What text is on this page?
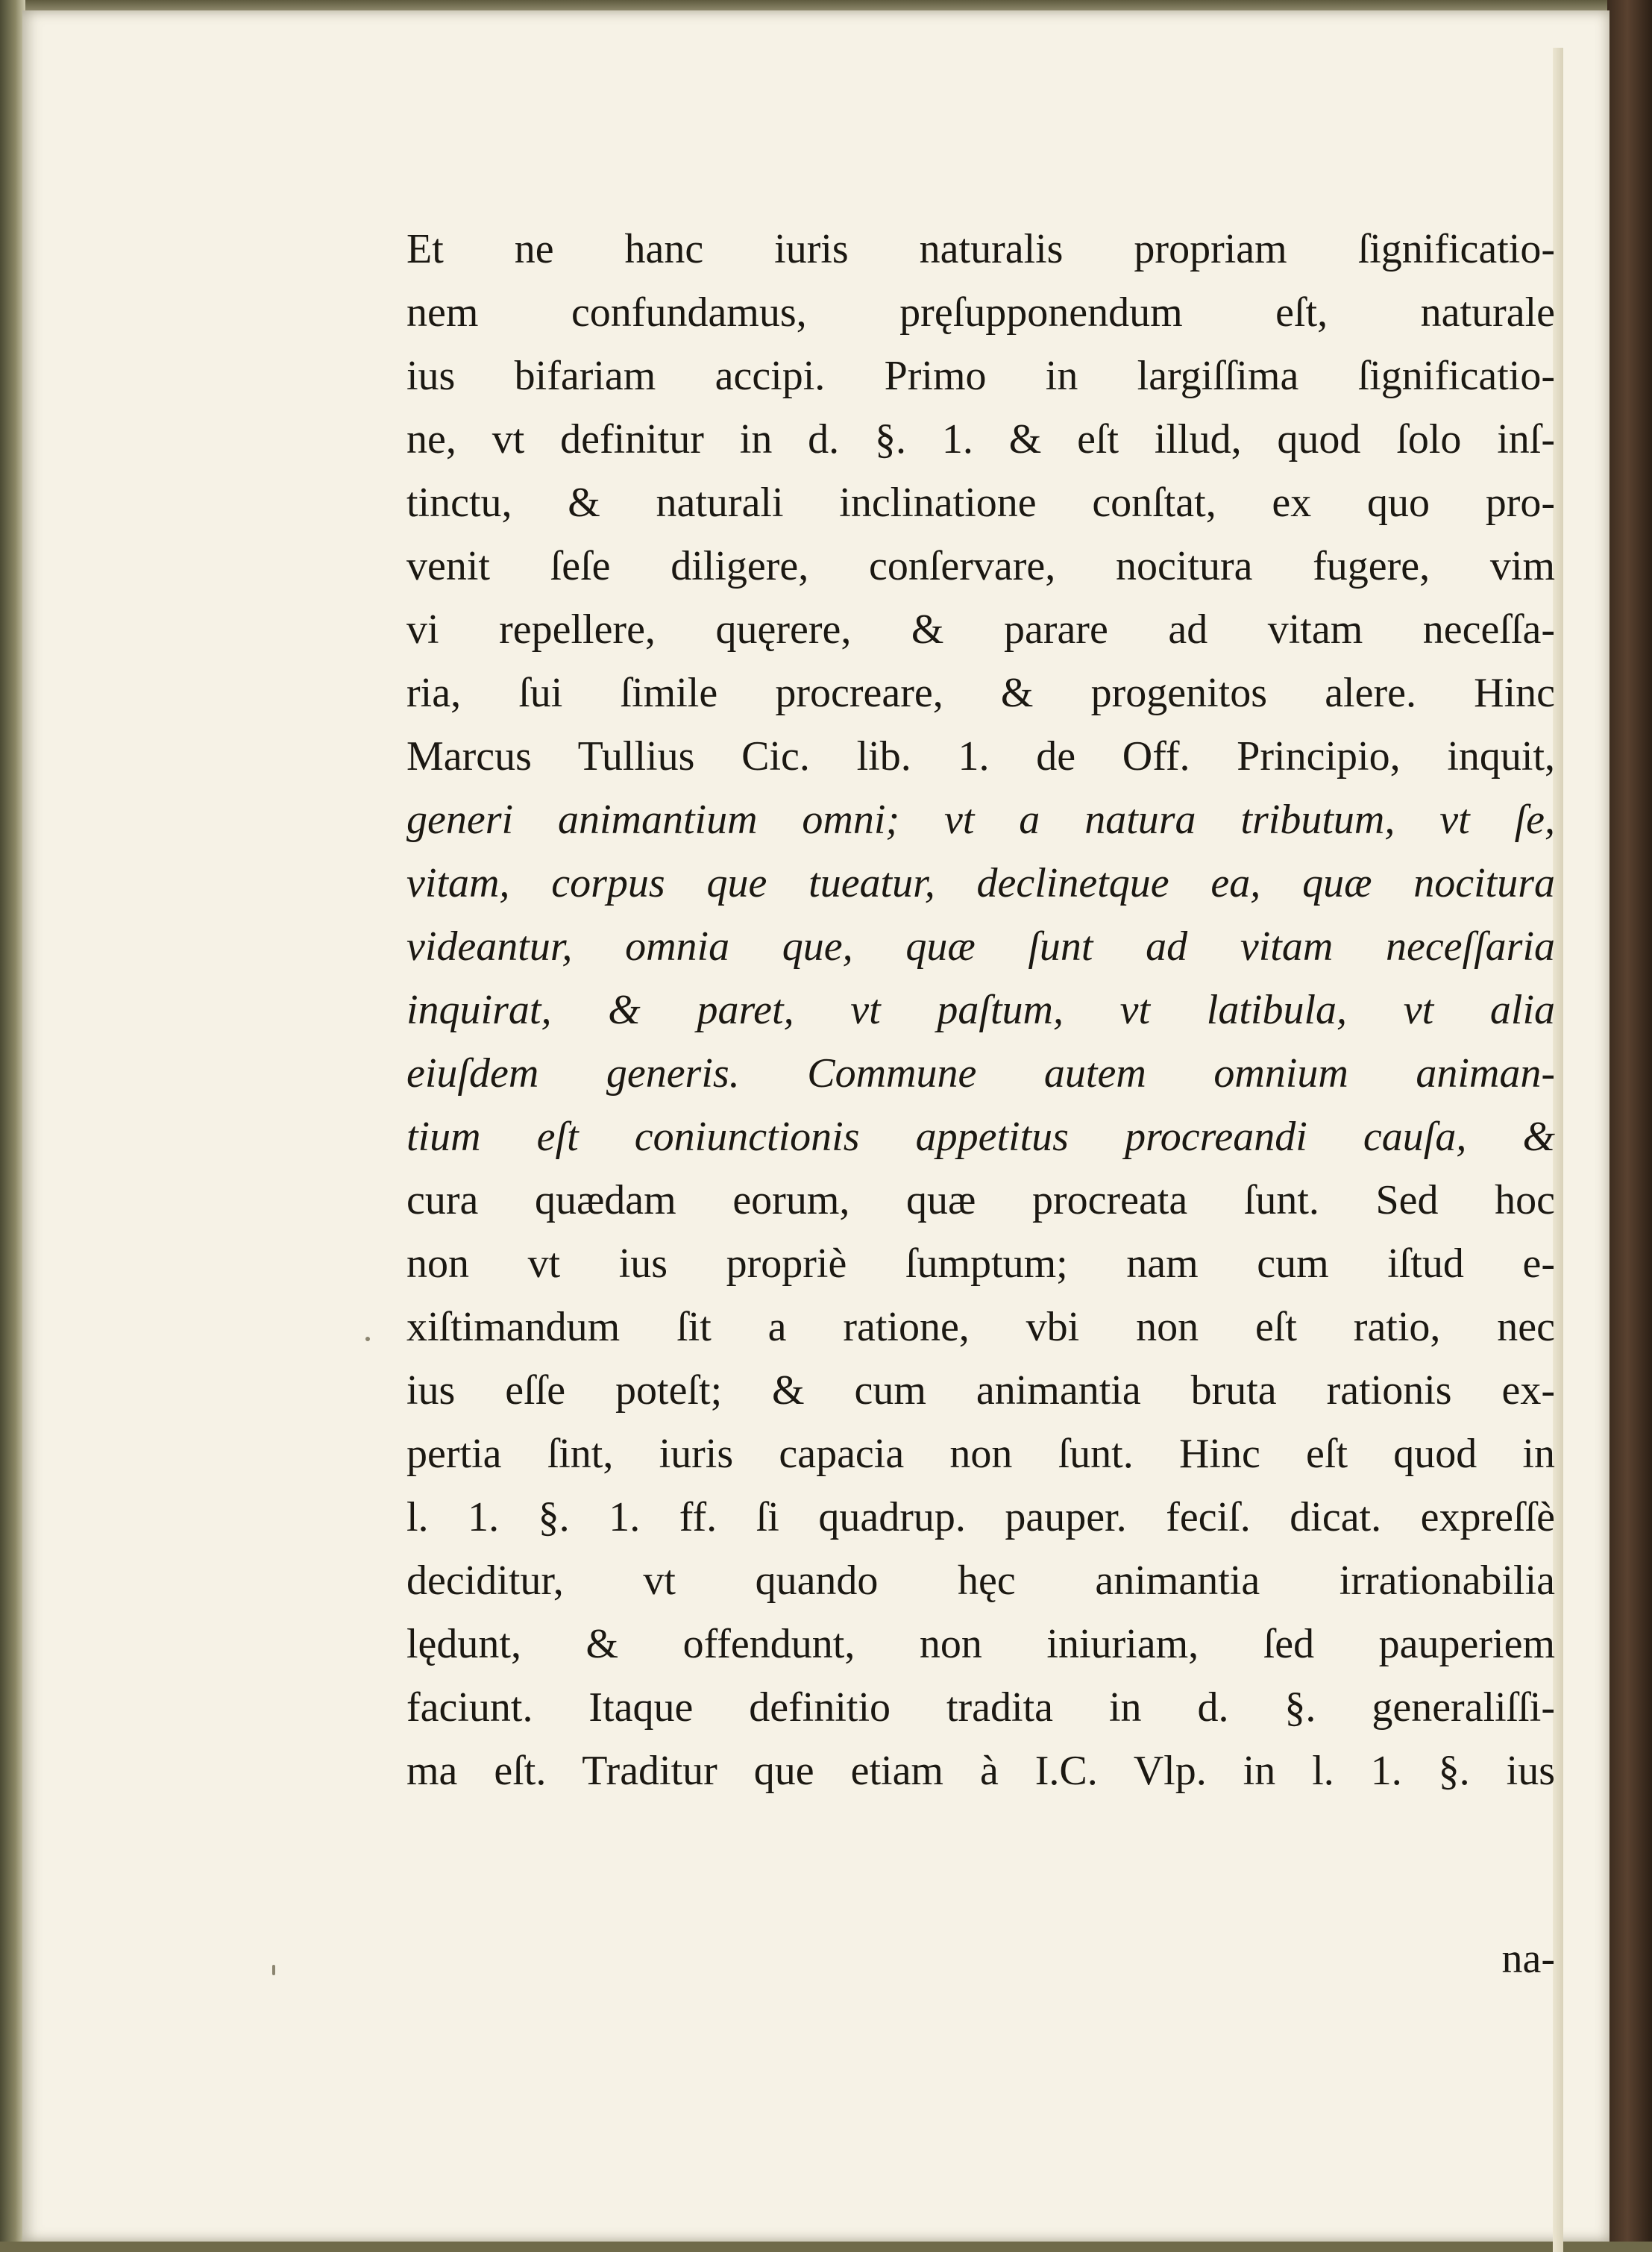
Et ne hanc iuris naturalis propriam ſignificatio-
nem confundamus, pręſupponendum eſt, naturale
ius bifariam accipi. Primo in largiſſima ſignificatio-
ne, vt definitur in d. §. 1. & eſt illud, quod ſolo inſ-
tinctu, & naturali inclinatione conſtat, ex quo pro-
venit ſeſe diligere, conſervare, nocitura fugere, vim
vi repellere, quęrere, & parare ad vitam neceſſa-
ria, ſui ſimile procreare, & progenitos alere. Hinc
Marcus Tullius Cic. lib. 1. de Off. Principio, inquit,
generi animantium omni; vt a natura tributum, vt ſe,
vitam, corpus que tueatur, declinetque ea, quæ nocitura
videantur, omnia que, quæ ſunt ad vitam neceſſaria
inquirat, & paret, vt paſtum, vt latibula, vt alia
eiuſdem generis. Commune autem omnium animan-
tium eſt coniunctionis appetitus procreandi cauſa, &
cura quædam eorum, quæ procreata ſunt. Sed hoc
non vt ius propriè ſumptum; nam cum iſtud e-
xiſtimandum ſit a ratione, vbi non eſt ratio, nec
ius eſſe poteſt; & cum animantia bruta rationis ex-
pertia ſint, iuris capacia non ſunt. Hinc eſt quod in
l. 1. §. 1. ff. ſi quadrup. pauper. feciſ. dicat. expreſſè
deciditur, vt quando hęc animantia irrationabilia
lędunt, & offendunt, non iniuriam, ſed pauperiem
faciunt. Itaque definitio tradita in d. §. generaliſſi-
ma eſt. Traditur que etiam à I.C. Vlp. in l. 1. §. ius
na-
